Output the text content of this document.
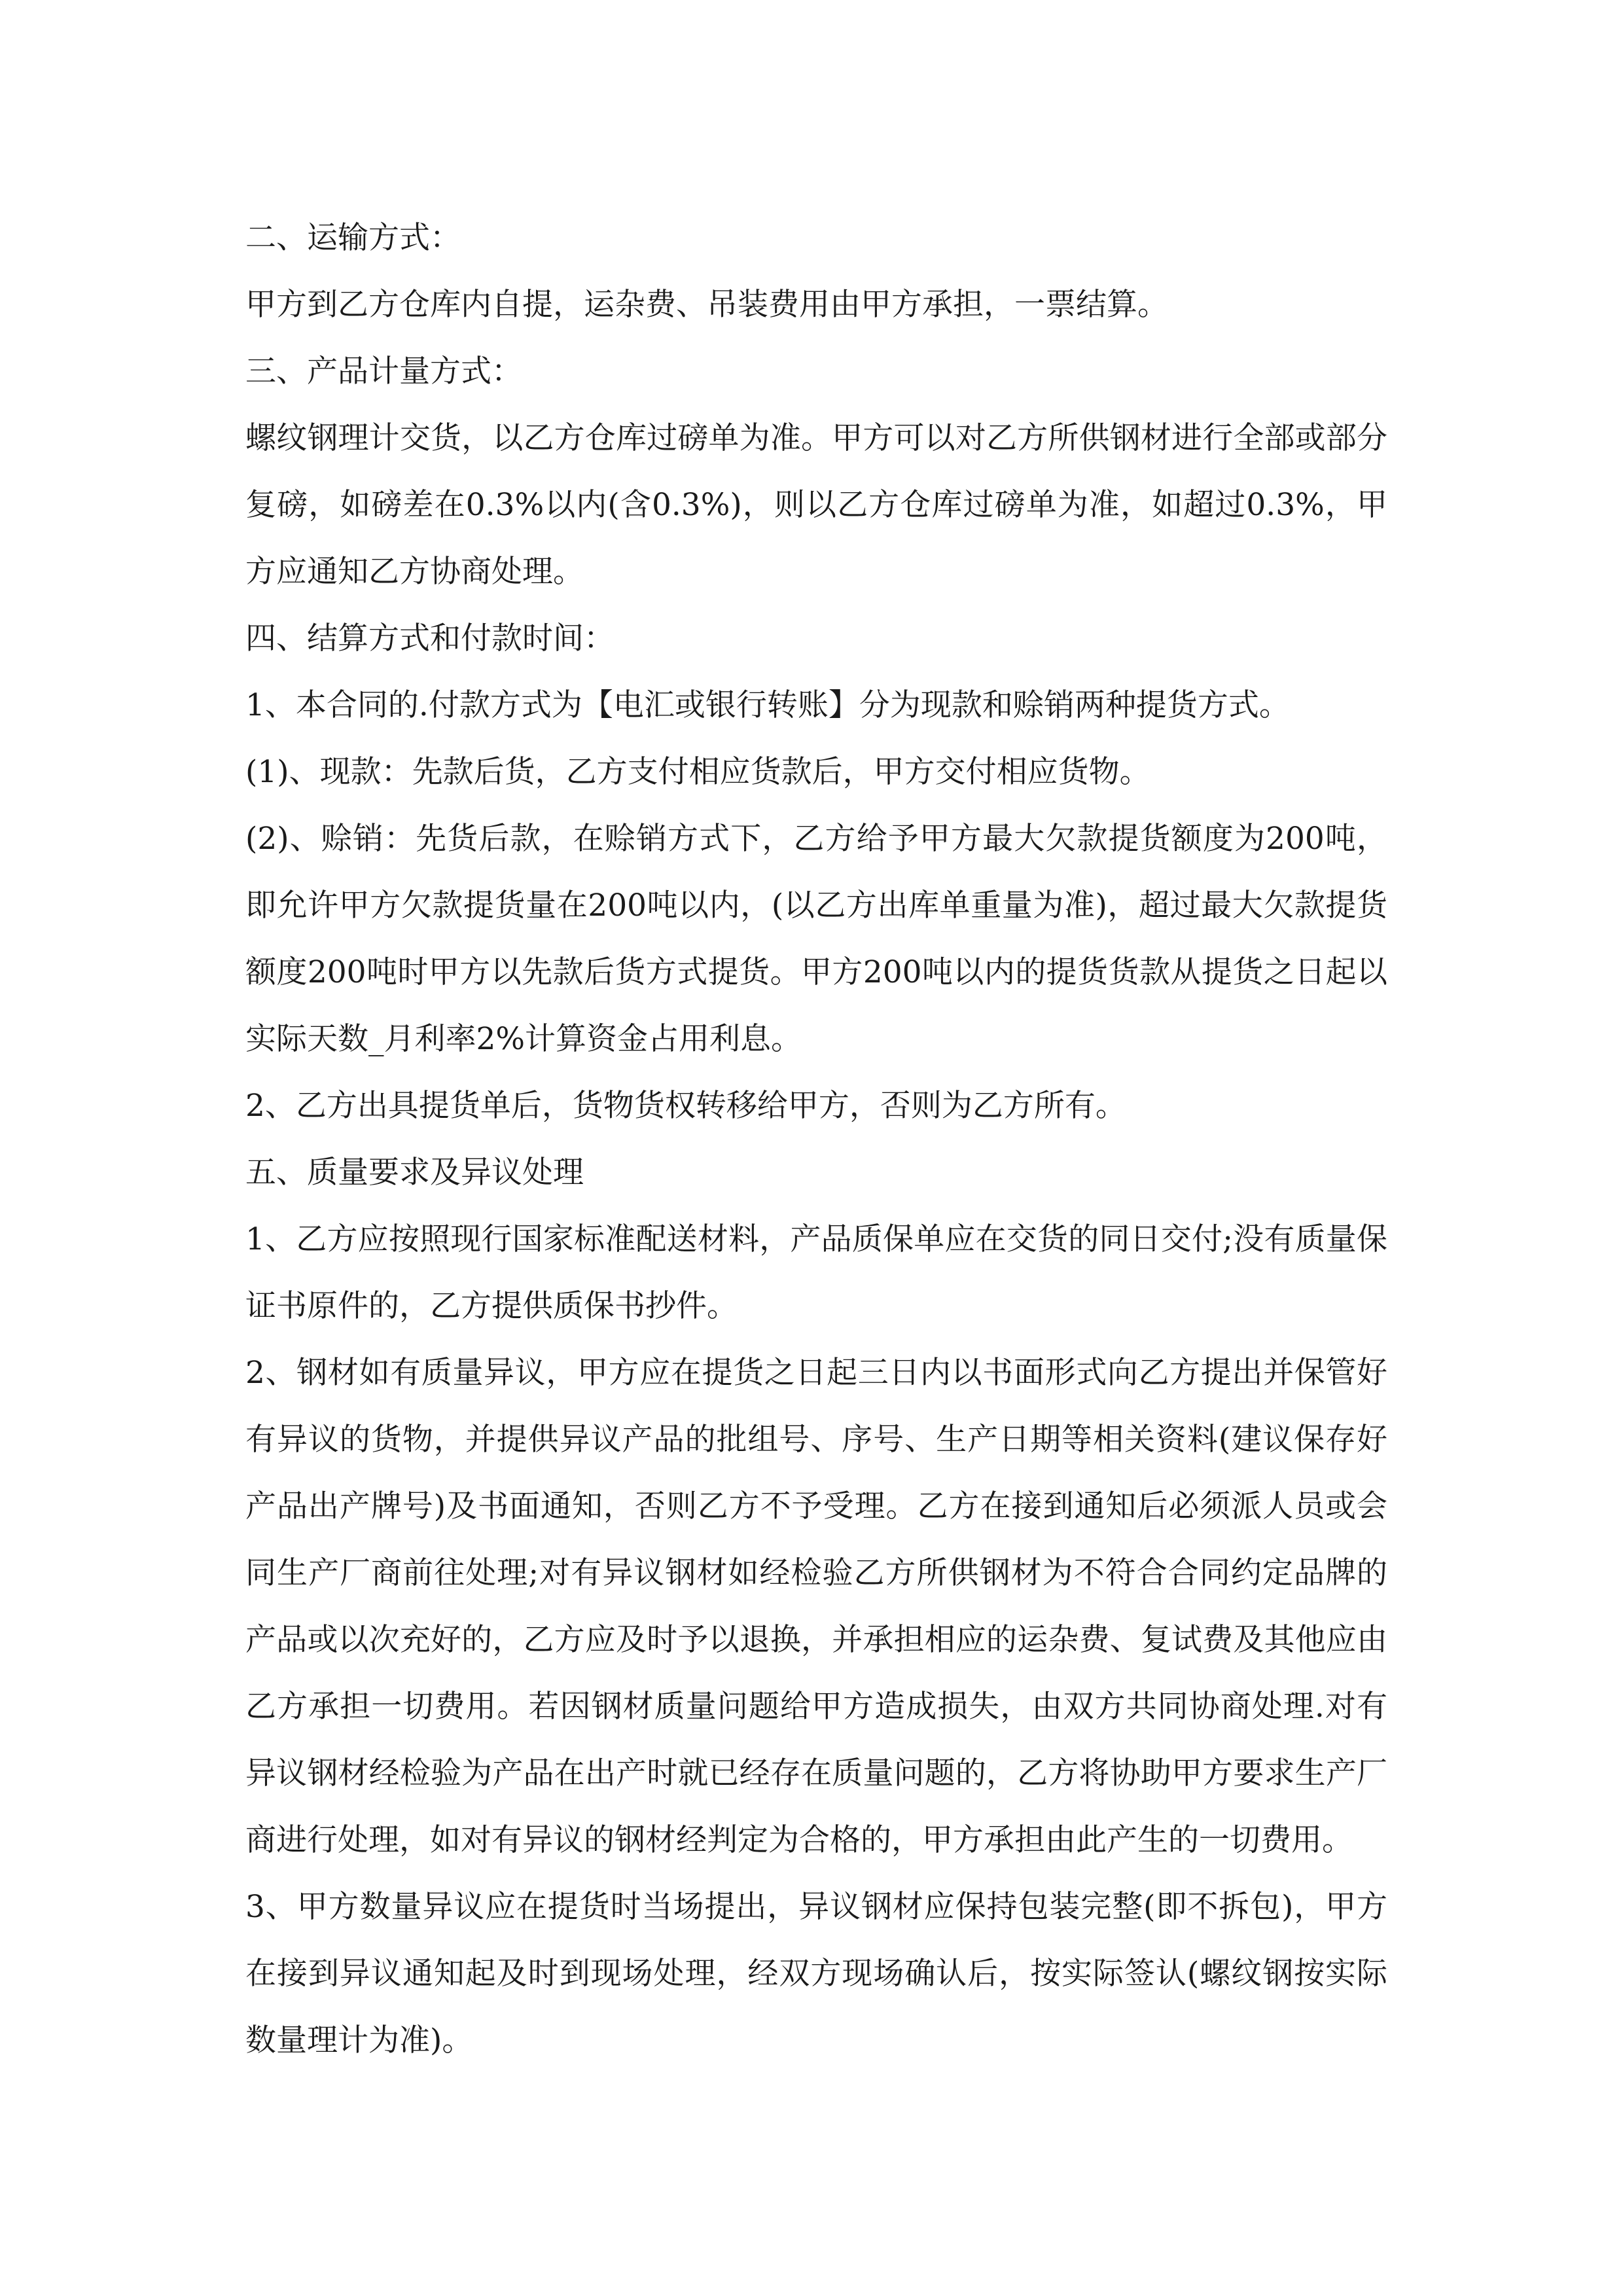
二、运输方式：

甲方到乙方仓库内自提，运杂费、吊装费用由甲方承担，一票结算。

三、产品计量方式：

螺纹钢理计交货，以乙方仓库过磅单为准。甲方可以对乙方所供钢材进行全部或部分复磅，如磅差在0.3%以内(含0.3%)，则以乙方仓库过磅单为准，如超过0.3%，甲方应通知乙方协商处理。

四、结算方式和付款时间：

1、本合同的.付款方式为【电汇或银行转账】分为现款和赊销两种提货方式。

(1)、现款：先款后货，乙方支付相应货款后，甲方交付相应货物。

(2)、赊销：先货后款，在赊销方式下，乙方给予甲方最大欠款提货额度为200吨，即允许甲方欠款提货量在200吨以内，(以乙方出库单重量为准)，超过最大欠款提货额度200吨时甲方以先款后货方式提货。甲方200吨以内的提货货款从提货之日起以实际天数_月利率2%计算资金占用利息。

2、乙方出具提货单后，货物货权转移给甲方，否则为乙方所有。

五、质量要求及异议处理

1、乙方应按照现行国家标准配送材料，产品质保单应在交货的同日交付;没有质量保证书原件的，乙方提供质保书抄件。

2、钢材如有质量异议，甲方应在提货之日起三日内以书面形式向乙方提出并保管好有异议的货物，并提供异议产品的批组号、序号、生产日期等相关资料(建议保存好产品出产牌号)及书面通知，否则乙方不予受理。乙方在接到通知后必须派人员或会同生产厂商前往处理;对有异议钢材如经检验乙方所供钢材为不符合合同约定品牌的产品或以次充好的，乙方应及时予以退换，并承担相应的运杂费、复试费及其他应由乙方承担一切费用。若因钢材质量问题给甲方造成损失，由双方共同协商处理.对有异议钢材经检验为产品在出产时就已经存在质量问题的，乙方将协助甲方要求生产厂商进行处理，如对有异议的钢材经判定为合格的，甲方承担由此产生的一切费用。

3、甲方数量异议应在提货时当场提出，异议钢材应保持包装完整(即不拆包)，甲方在接到异议通知起及时到现场处理，经双方现场确认后，按实际签认(螺纹钢按实际数量理计为准)。
